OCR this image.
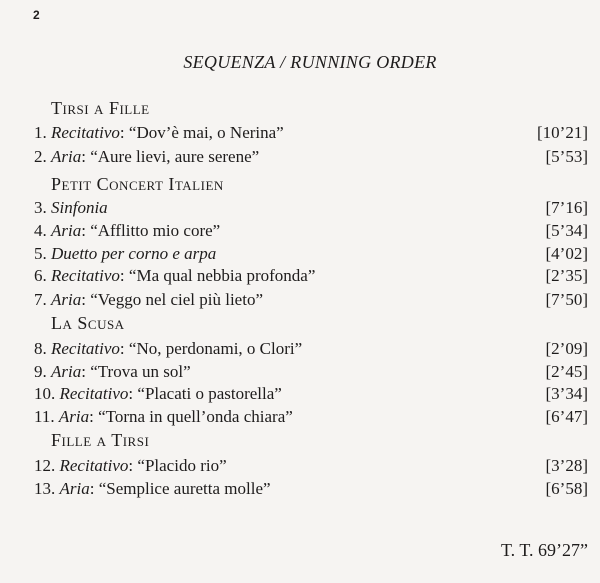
2
SEQUENZA / RUNNING ORDER
Tirsi a Fille
Petit Concert Italien
La Scusa
Fille a Tirsi
1. Recitativo: “Dov’è mai, o Nerina”	[10’21]
2. Aria: “Aure lievi, aure serene”	[5’53]
3. Sinfonia	[7’16]
4. Aria: “Afflitto mio core”	[5’34]
5. Duetto per corno e arpa	[4’02]
6. Recitativo: “Ma qual nebbia profonda”	[2’35]
7. Aria: “Veggo nel ciel più lieto”	[7’50]
8. Recitativo: “No, perdonami, o Clori”	[2’09]
9. Aria: “Trova un sol”	[2’45]
10. Recitativo: “Placati o pastorella”	[3’34]
11. Aria: “Torna in quell’onda chiara”	[6’47]
12. Recitativo: “Placido rio”	[3’28]
13. Aria: “Semplice auretta molle”	[6’58]
T. T. 69’27”
